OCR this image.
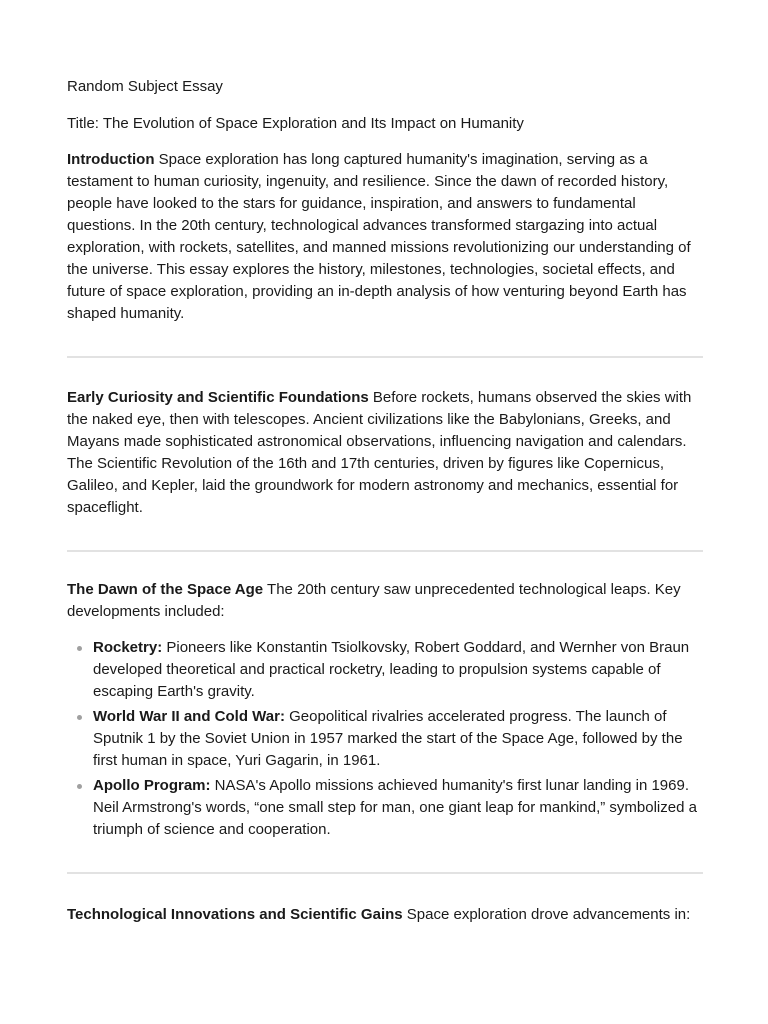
Random Subject Essay

Title: The Evolution of Space Exploration and Its Impact on Humanity

Introduction Space exploration has long captured humanity's imagination, serving as a testament to human curiosity, ingenuity, and resilience. Since the dawn of recorded history, people have looked to the stars for guidance, inspiration, and answers to fundamental questions. In the 20th century, technological advances transformed stargazing into actual exploration, with rockets, satellites, and manned missions revolutionizing our understanding of the universe. This essay explores the history, milestones, technologies, societal effects, and future of space exploration, providing an in-depth analysis of how venturing beyond Earth has shaped humanity.

Early Curiosity and Scientific Foundations Before rockets, humans observed the skies with the naked eye, then with telescopes. Ancient civilizations like the Babylonians, Greeks, and Mayans made sophisticated astronomical observations, influencing navigation and calendars. The Scientific Revolution of the 16th and 17th centuries, driven by figures like Copernicus, Galileo, and Kepler, laid the groundwork for modern astronomy and mechanics, essential for spaceflight.

The Dawn of the Space Age The 20th century saw unprecedented technological leaps. Key developments included:

Rocketry: Pioneers like Konstantin Tsiolkovsky, Robert Goddard, and Wernher von Braun developed theoretical and practical rocketry, leading to propulsion systems capable of escaping Earth's gravity.
World War II and Cold War: Geopolitical rivalries accelerated progress. The launch of Sputnik 1 by the Soviet Union in 1957 marked the start of the Space Age, followed by the first human in space, Yuri Gagarin, in 1961.
Apollo Program: NASA's Apollo missions achieved humanity's first lunar landing in 1969. Neil Armstrong's words, “one small step for man, one giant leap for mankind,” symbolized a triumph of science and cooperation.

Technological Innovations and Scientific Gains Space exploration drove advancements in:
